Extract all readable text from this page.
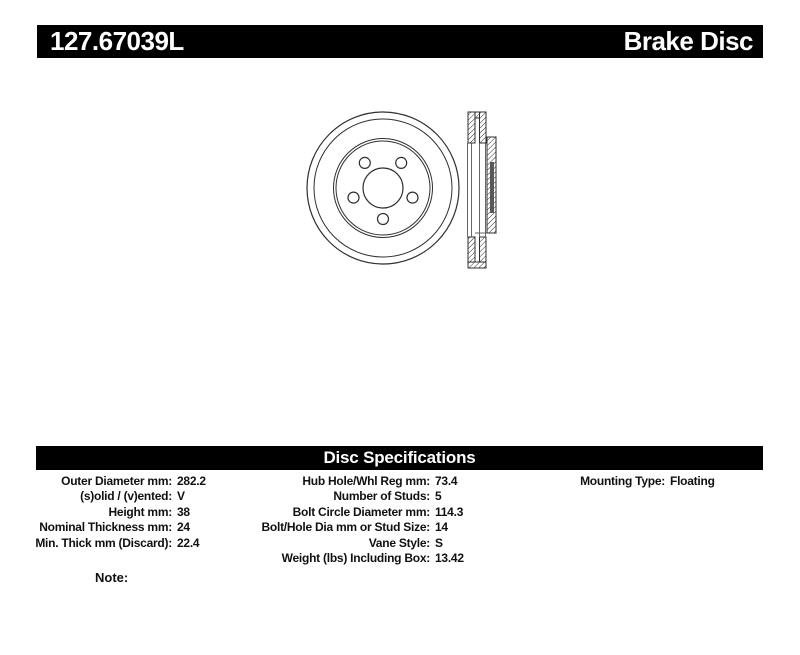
127.67039L	Brake Disc
Disc Specifications
Outer Diameter mm: 282.2
(s)olid / (v)ented: V
Height mm: 38
Nominal Thickness mm: 24
Min. Thick mm (Discard): 22.4
Hub Hole/Whl Reg mm: 73.4
Number of Studs: 5
Bolt Circle Diameter mm: 114.3
Bolt/Hole Dia mm or Stud Size: 14
Vane Style: S
Weight (lbs) Including Box: 13.42
Mounting Type: Floating
Note:
